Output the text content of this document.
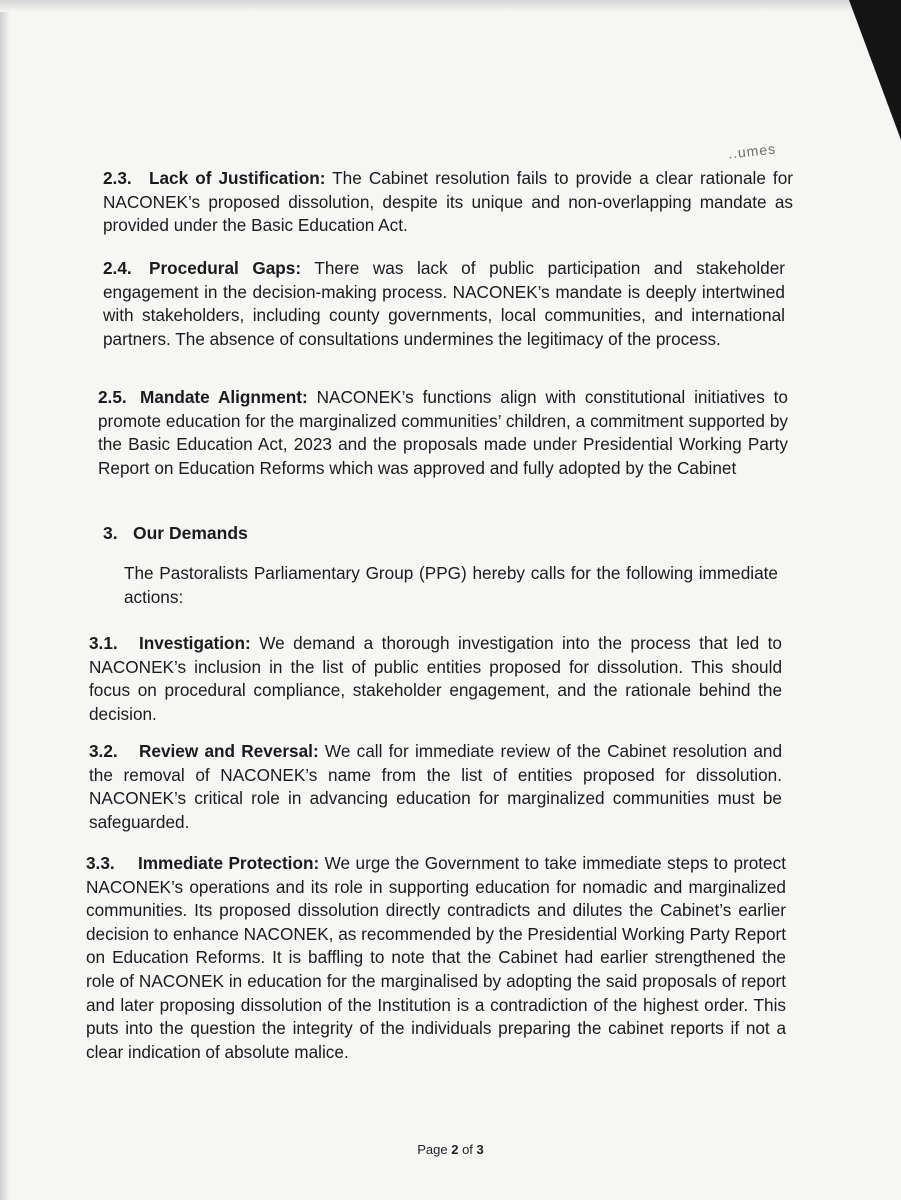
..umes
2.3.	Lack of Justification: The Cabinet resolution fails to provide a clear rationale for NACONEK’s proposed dissolution, despite its unique and non-overlapping mandate as provided under the Basic Education Act.
2.4.	Procedural Gaps: There was lack of public participation and stakeholder engagement in the decision-making process. NACONEK’s mandate is deeply intertwined with stakeholders, including county governments, local communities, and international partners. The absence of consultations undermines the legitimacy of the process.
2.5. Mandate Alignment: NACONEK’s functions align with constitutional initiatives to promote education for the marginalized communities’ children, a commitment supported by the Basic Education Act, 2023 and the proposals made under Presidential Working Party Report on Education Reforms which was approved and fully adopted by the Cabinet
3. Our Demands
The Pastoralists Parliamentary Group (PPG) hereby calls for the following immediate actions:
3.1.	Investigation: We demand a thorough investigation into the process that led to NACONEK’s inclusion in the list of public entities proposed for dissolution. This should focus on procedural compliance, stakeholder engagement, and the rationale behind the decision.
3.2.	Review and Reversal: We call for immediate review of the Cabinet resolution and the removal of NACONEK’s name from the list of entities proposed for dissolution. NACONEK’s critical role in advancing education for marginalized communities must be safeguarded.
3.3.	Immediate Protection: We urge the Government to take immediate steps to protect NACONEK’s operations and its role in supporting education for nomadic and marginalized communities. Its proposed dissolution directly contradicts and dilutes the Cabinet’s earlier decision to enhance NACONEK, as recommended by the Presidential Working Party Report on Education Reforms. It is baffling to note that the Cabinet had earlier strengthened the role of NACONEK in education for the marginalised by adopting the said proposals of report and later proposing dissolution of the Institution is a contradiction of the highest order. This puts into the question the integrity of the individuals preparing the cabinet reports if not a clear indication of absolute malice.
Page 2 of 3
